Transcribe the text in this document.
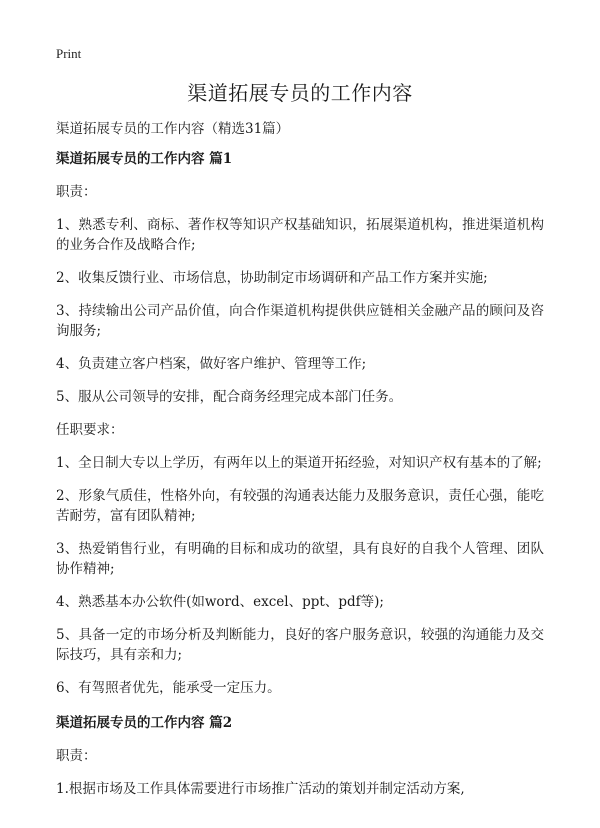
Print
渠道拓展专员的工作内容

渠道拓展专员的工作内容（精选31篇）

渠道拓展专员的工作内容 篇1

职责：

1、熟悉专利、商标、著作权等知识产权基础知识，拓展渠道机构，推进渠道机构的业务合作及战略合作;

2、收集反馈行业、市场信息，协助制定市场调研和产品工作方案并实施;

3、持续输出公司产品价值，向合作渠道机构提供供应链相关金融产品的顾问及咨询服务;

4、负责建立客户档案，做好客户维护、管理等工作;

5、服从公司领导的安排，配合商务经理完成本部门任务。

任职要求：

1、全日制大专以上学历，有两年以上的渠道开拓经验，对知识产权有基本的了解;

2、形象气质佳，性格外向，有较强的沟通表达能力及服务意识，责任心强，能吃苦耐劳，富有团队精神;

3、热爱销售行业，有明确的目标和成功的欲望，具有良好的自我个人管理、团队协作精神;

4、熟悉基本办公软件(如word、excel、ppt、pdf等);

5、具备一定的市场分析及判断能力，良好的客户服务意识，较强的沟通能力及交际技巧，具有亲和力;

6、有驾照者优先，能承受一定压力。

渠道拓展专员的工作内容 篇2

职责：

1.根据市场及工作具体需要进行市场推广活动的策划并制定活动方案,
